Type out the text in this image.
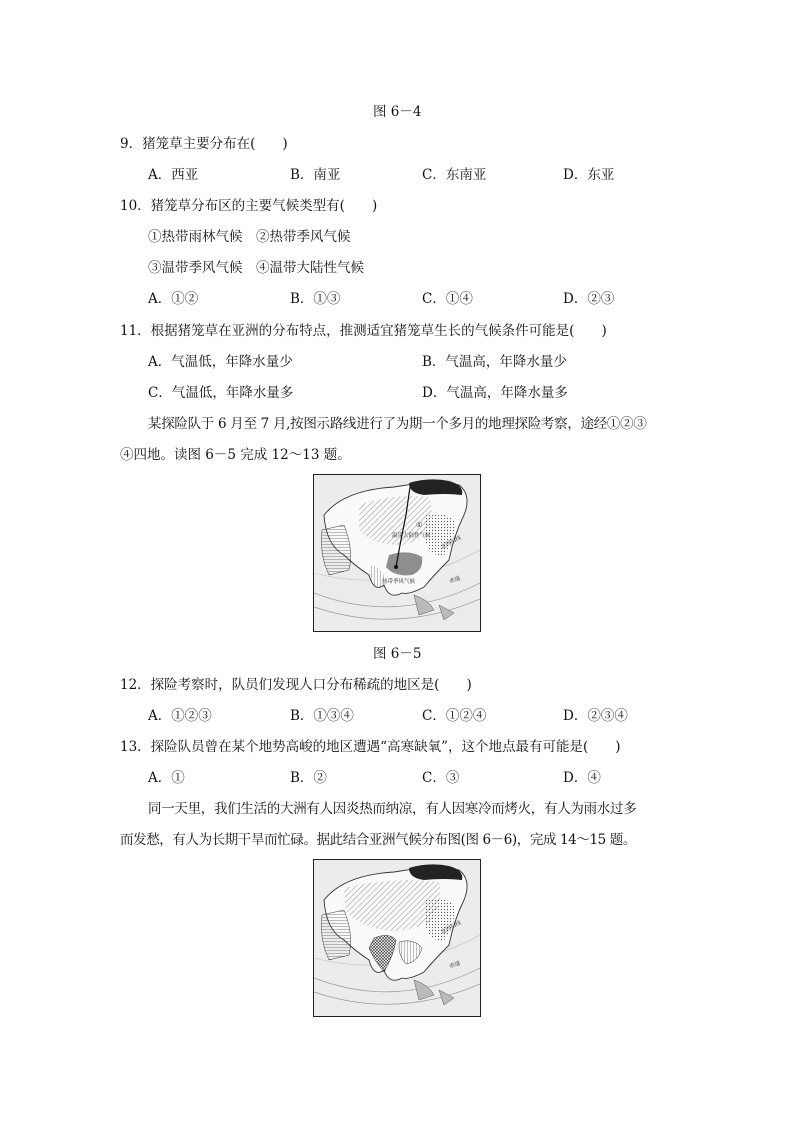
图 6－4
9．猪笼草主要分布在(　　)
A．西亚	B．南亚	C．东南亚	D．东亚
10．猪笼草分布区的主要气候类型有(　　)
①热带雨林气候　②热带季风气候
③温带季风气候　④温带大陆性气候
A．①②	B．①③	C．①④	D．②③
11．根据猪笼草在亚洲的分布特点，推测适宜猪笼草生长的气候条件可能是(　　)
A．气温低，年降水量少	B．气温高，年降水量少
C．气温低，年降水量多	D．气温高，年降水量多
某探险队于 6 月至 7 月,按图示路线进行了为期一个多月的地理探险考察，途经①②③
④四地。读图 6－5 完成 12～13 题。
①
温带大陆性气候
热带季风气候
北回归线
赤道
图 6－5
12．探险考察时，队员们发现人口分布稀疏的地区是(　　)
A．①②③	B．①③④	C．①②④	D．②③④
13．探险队员曾在某个地势高峻的地区遭遇“高寒缺氧”，这个地点最有可能是(　　)
A．①	B．②	C．③	D．④
同一天里，我们生活的大洲有人因炎热而纳凉，有人因寒冷而烤火，有人为雨水过多
而发愁，有人为长期干旱而忙碌。据此结合亚洲气候分布图(图 6－6)，完成 14～15 题。
北回归线
赤道
